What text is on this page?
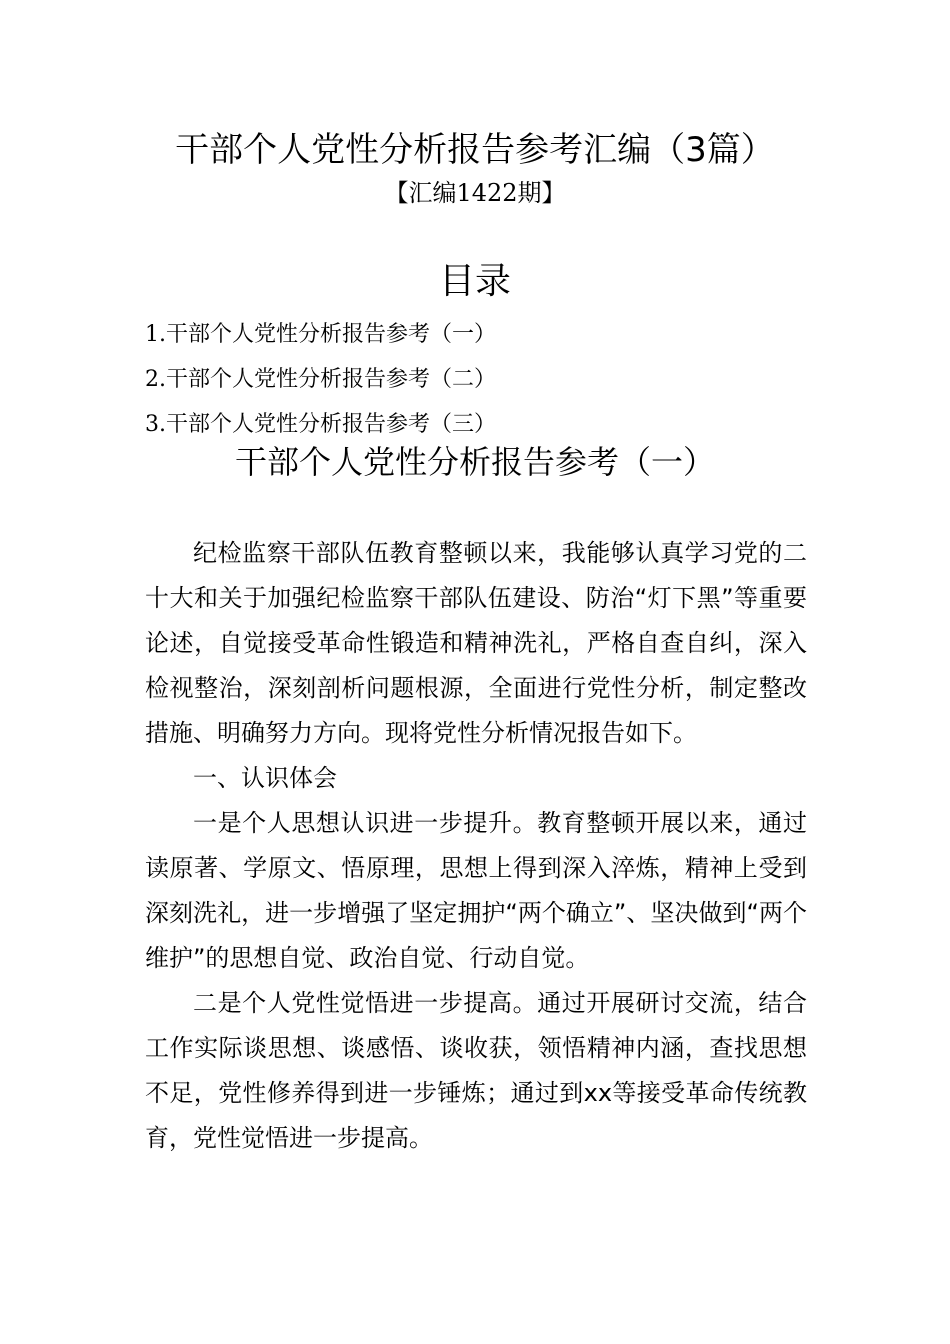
干部个人党性分析报告参考汇编（3篇）
【汇编1422期】
目录
1.干部个人党性分析报告参考（一）
2.干部个人党性分析报告参考（二）
3.干部个人党性分析报告参考（三）
干部个人党性分析报告参考（一）

纪检监察干部队伍教育整顿以来，我能够认真学习党的二十大和关于加强纪检监察干部队伍建设、防治“灯下黑”等重要论述，自觉接受革命性锻造和精神洗礼，严格自查自纠，深入检视整治，深刻剖析问题根源，全面进行党性分析，制定整改措施、明确努力方向。现将党性分析情况报告如下。

一、认识体会

一是个人思想认识进一步提升。教育整顿开展以来，通过读原著、学原文、悟原理，思想上得到深入淬炼，精神上受到深刻洗礼，进一步增强了坚定拥护“两个确立”、坚决做到“两个维护”的思想自觉、政治自觉、行动自觉。

二是个人党性觉悟进一步提高。通过开展研讨交流，结合工作实际谈思想、谈感悟、谈收获，领悟精神内涵，查找思想不足，党性修养得到进一步锤炼；通过到xx等接受革命传统教育，党性觉悟进一步提高。
